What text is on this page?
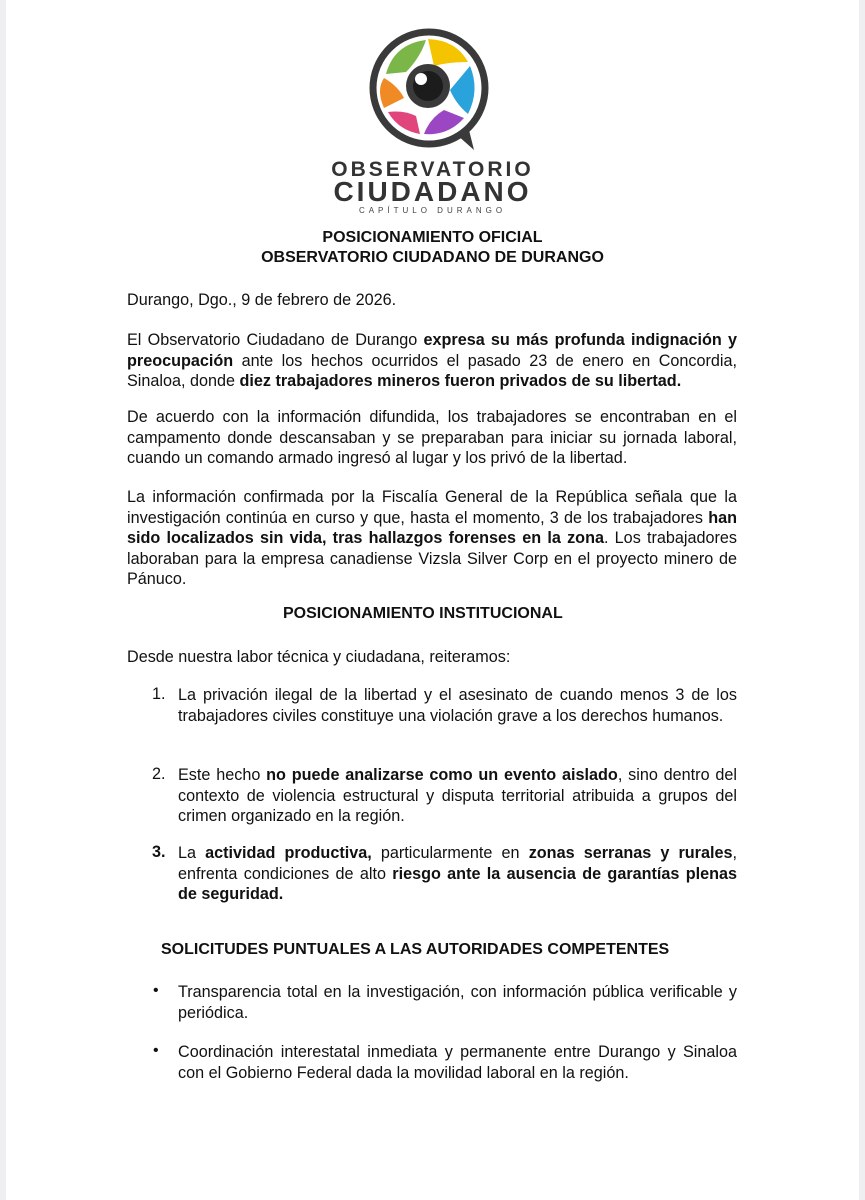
OBSERVATORIO
CIUDADANO
CAPÍTULO DURANGO
POSICIONAMIENTO OFICIAL
OBSERVATORIO CIUDADANO DE DURANGO
Durango, Dgo., 9 de febrero de 2026.
El Observatorio Ciudadano de Durango expresa su más profunda indignación y preocupación ante los hechos ocurridos el pasado 23 de enero en Concordia, Sinaloa, donde diez trabajadores mineros fueron privados de su libertad.
De acuerdo con la información difundida, los trabajadores se encontraban en el campamento donde descansaban y se preparaban para iniciar su jornada laboral, cuando un comando armado ingresó al lugar y los privó de la libertad.
La información confirmada por la Fiscalía General de la República señala que la investigación continúa en curso y que, hasta el momento, 3 de los trabajadores han sido localizados sin vida, tras hallazgos forenses en la zona. Los trabajadores laboraban para la empresa canadiense Vizsla Silver Corp en el proyecto minero de Pánuco.
POSICIONAMIENTO INSTITUCIONAL
Desde nuestra labor técnica y ciudadana, reiteramos:
1. La privación ilegal de la libertad y el asesinato de cuando menos 3 de los trabajadores civiles constituye una violación grave a los derechos humanos.
2. Este hecho no puede analizarse como un evento aislado, sino dentro del contexto de violencia estructural y disputa territorial atribuida a grupos del crimen organizado en la región.
3. La actividad productiva, particularmente en zonas serranas y rurales, enfrenta condiciones de alto riesgo ante la ausencia de garantías plenas de seguridad.
SOLICITUDES PUNTUALES A LAS AUTORIDADES COMPETENTES
• Transparencia total en la investigación, con información pública verificable y periódica.
• Coordinación interestatal inmediata y permanente entre Durango y Sinaloa con el Gobierno Federal dada la movilidad laboral en la región.
